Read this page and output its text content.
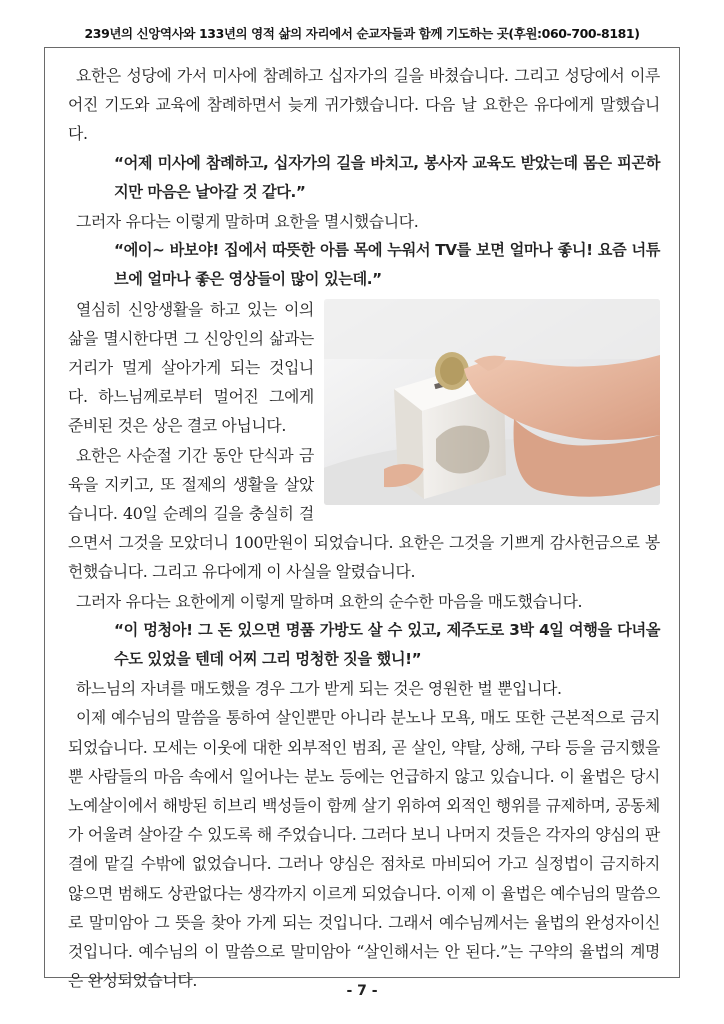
239년의 신앙역사와 133년의 영적 삶의 자리에서 순교자들과 함께 기도하는 곳(후원:060-700-8181)

요한은 성당에 가서 미사에 참례하고 십자가의 길을 바쳤습니다. 그리고 성당에서 이루어진 기도와 교육에 참례하면서 늦게 귀가했습니다. 다음 날 요한은 유다에게 말했습니다.

“어제 미사에 참례하고, 십자가의 길을 바치고, 봉사자 교육도 받았는데 몸은 피곤하지만 마음은 날아갈 것 같다.”

그러자 유다는 이렇게 말하며 요한을 멸시했습니다.

“에이~ 바보야! 집에서 따뜻한 아름 목에 누워서 TV를 보면 얼마나 좋니! 요즘 너튜브에 얼마나 좋은 영상들이 많이 있는데.”

열심히 신앙생활을 하고 있는 이의 삶을 멸시한다면 그 신앙인의 삶과는 거리가 멀게 살아가게 되는 것입니다. 하느님께로부터 멀어진 그에게 준비된 것은 상은 결코 아닙니다.

요한은 사순절 기간 동안 단식과 금육을 지키고, 또 절제의 생활을 살았습니다. 40일 순례의 길을 충실히 걸으면서 그것을 모았더니 100만원이 되었습니다. 요한은 그것을 기쁘게 감사헌금으로 봉헌했습니다. 그리고 유다에게 이 사실을 알렸습니다.

그러자 유다는 요한에게 이렇게 말하며 요한의 순수한 마음을 매도했습니다.

“이 멍청아! 그 돈 있으면 명품 가방도 살 수 있고, 제주도로 3박 4일 여행을 다녀올 수도 있었을 텐데 어찌 그리 멍청한 짓을 했니!”

하느님의 자녀를 매도했을 경우 그가 받게 되는 것은 영원한 벌 뿐입니다.

이제 예수님의 말씀을 통하여 살인뿐만 아니라 분노나 모욕, 매도 또한 근본적으로 금지되었습니다. 모세는 이웃에 대한 외부적인 범죄, 곧 살인, 약탈, 상해, 구타 등을 금지했을 뿐 사람들의 마음 속에서 일어나는 분노 등에는 언급하지 않고 있습니다. 이 율법은 당시 노예살이에서 해방된 히브리 백성들이 함께 살기 위하여 외적인 행위를 규제하며, 공동체가 어울려 살아갈 수 있도록 해 주었습니다. 그러다 보니 나머지 것들은 각자의 양심의 판결에 맡길 수밖에 없었습니다. 그러나 양심은 점차로 마비되어 가고 실정법이 금지하지 않으면 범해도 상관없다는 생각까지 이르게 되었습니다. 이제 이 율법은 예수님의 말씀으로 말미암아 그 뜻을 찾아 가게 되는 것입니다. 그래서 예수님께서는 율법의 완성자이신 것입니다. 예수님의 이 말씀으로 말미암아 “살인해서는 안 된다.”는 구약의 율법의 계명은 완성되었습니다.

- 7 -
